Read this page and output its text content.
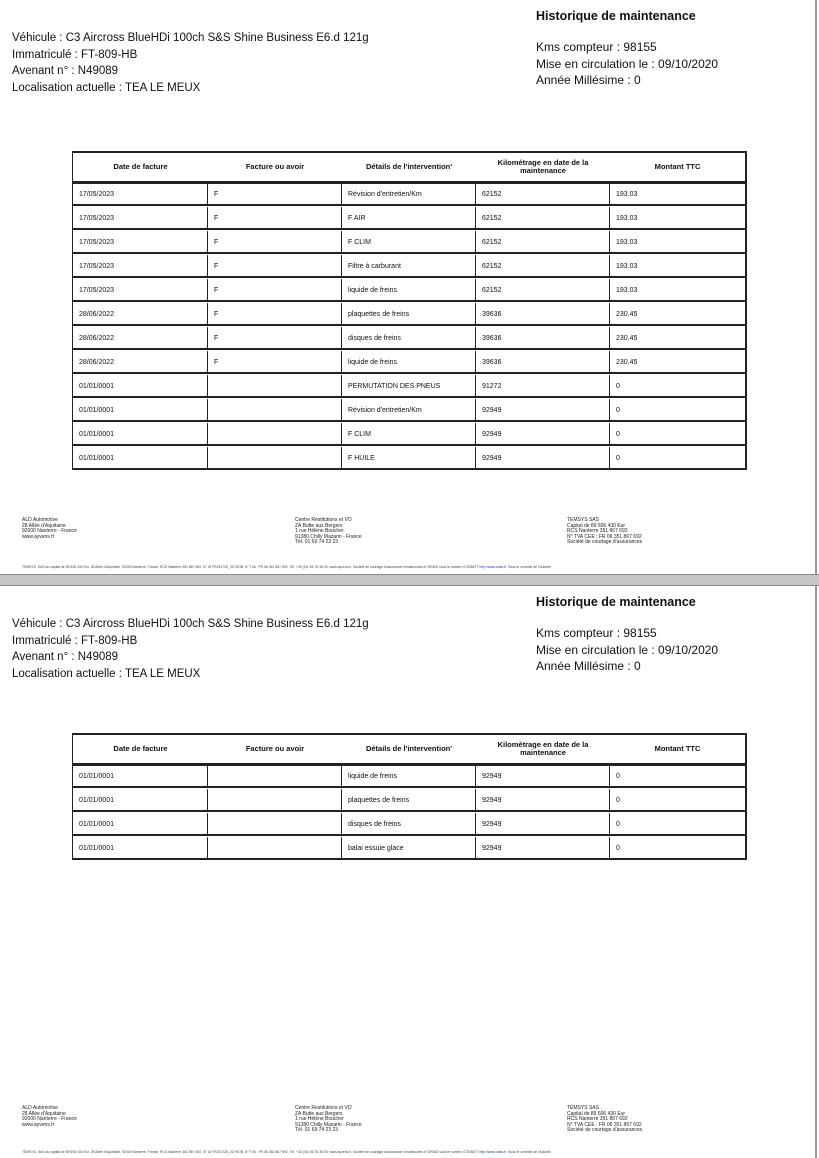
Historique de maintenance
Véhicule : C3 Aircross BlueHDi 100ch S&S Shine Business E6.d 121g
Immatriculé : FT-809-HB
Avenant n° : N49089
Localisation actuelle : TEA LE MEUX
Kms compteur : 98155
Mise en circulation le : 09/10/2020
Année Millésime : 0
Date de facture	Facture ou avoir	Détails de l'intervention'	Kilométrage en date de la maintenance	Montant TTC
17/05/2023	F	Révision d'entretien/Km	62152	193.03
17/05/2023	F	F AIR	62152	193.03
17/05/2023	F	F CLIM	62152	193.03
17/05/2023	F	Filtre à carburant	62152	193.03
17/05/2023	F	liquide de freins	62152	193.03
28/06/2022	F	plaquettes de freins	39636	230.45
28/06/2022	F	disques de freins	39636	230.45
28/06/2022	F	liquide de freins	39636	230.45
01/01/0001		PERMUTATION DES PNEUS	91272	0
01/01/0001		Révision d'entretien/Km	92949	0
01/01/0001		F CLIM	92949	0
01/01/0001		F HUILE	92949	0
ALD Automotive
28 Allée d'Aquitaine
92000 Nanterre - France
www.ayvens.fr
Centre Restitutions et VO
ZA Butte aux Bergers
1 rue Hélène Boucher
91380 Chilly Mazarin - France
Tél. 01 69 74 23 23
TEMSYS SAS
Capital de 89 606 430 Eur
RCS Nanterre 351 867 692
N° TVA CEE : FR 06 351 867 692
Société de courtage d'assurances
TEMSYS, SAS au capital de 89 606 430 Eur, 28 Allée d'Aquitaine, 92000 Nanterre, France, RCS Nanterre 351 867 692, N° ID FR231725_01YSOB, N° TVA : FR 06 351 867 692, Tél. +33 (0)1 56 76 38 00, www.ayvens.fr. Société de courtage d'assurance immatriculée à l'ORIAS sous le numéro 07026677 http://www.orias.fr. Sous le contrôle de l'Autorité
Historique de maintenance
Véhicule : C3 Aircross BlueHDi 100ch S&S Shine Business E6.d 121g
Immatriculé : FT-809-HB
Avenant n° : N49089
Localisation actuelle : TEA LE MEUX
Kms compteur : 98155
Mise en circulation le : 09/10/2020
Année Millésime : 0
Date de facture	Facture ou avoir	Détails de l'intervention'	Kilométrage en date de la maintenance	Montant TTC
01/01/0001		liquide de freins	92949	0
01/01/0001		plaquettes de freins	92949	0
01/01/0001		disques de freins	92949	0
01/01/0001		balai essuie glace	92949	0
ALD Automotive
28 Allée d'Aquitaine
92000 Nanterre - France
www.ayvens.fr
Centre Restitutions et VO
ZA Butte aux Bergers
1 rue Hélène Boucher
91380 Chilly Mazarin - France
Tél. 01 69 74 23 23
TEMSYS SAS
Capital de 89 606 430 Eur
RCS Nanterre 351 867 692
N° TVA CEE : FR 06 351 867 692
Société de courtage d'assurances
TEMSYS, SAS au capital de 89 606 430 Eur, 28 Allée d'Aquitaine, 92000 Nanterre, France, RCS Nanterre 351 867 692, N° ID FR231725_01YSOB, N° TVA : FR 06 351 867 692, Tél. +33 (0)1 56 76 38 00, www.ayvens.fr. Société de courtage d'assurance immatriculée à l'ORIAS sous le numéro 07026677 http://www.orias.fr. Sous le contrôle de l'Autorité
